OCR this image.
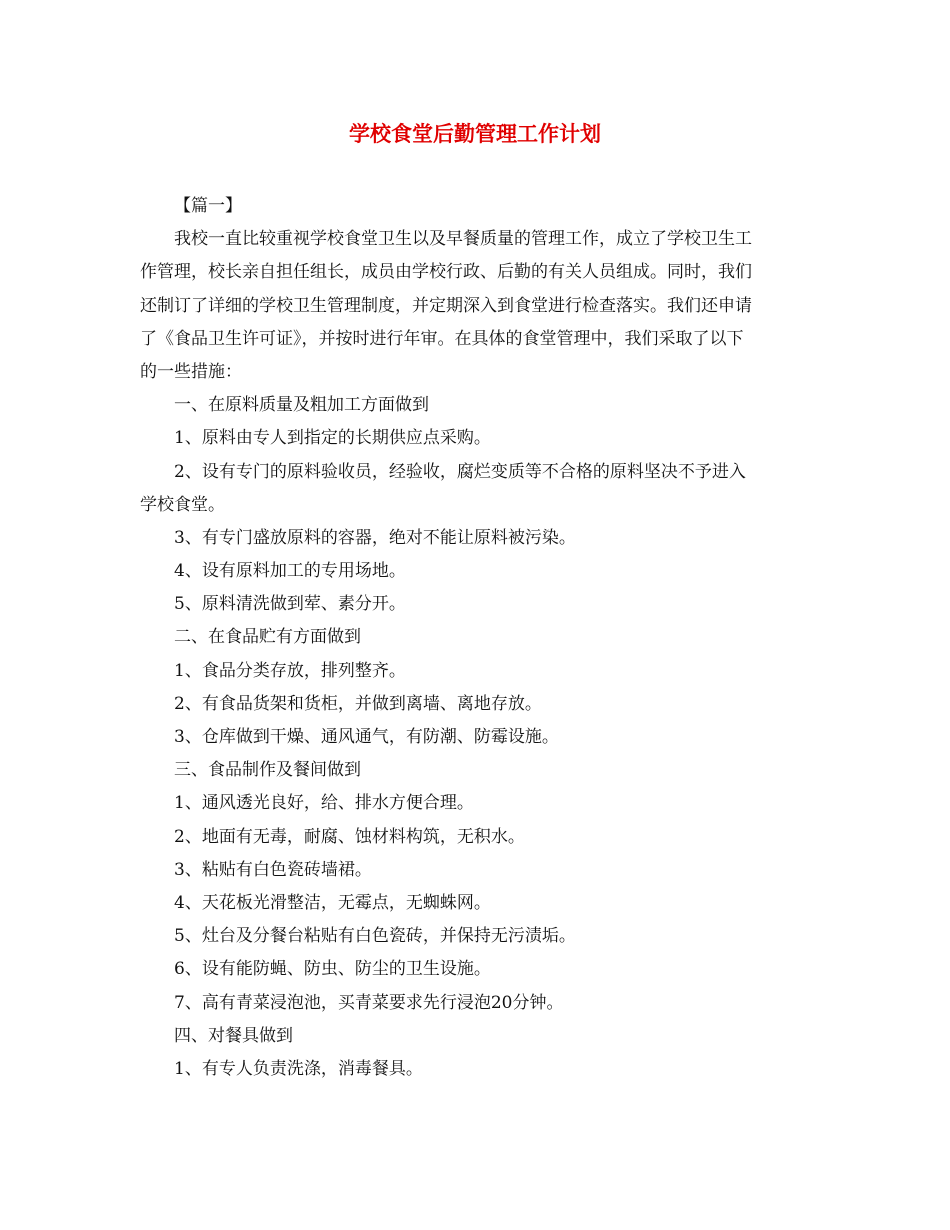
学校食堂后勤管理工作计划

【篇一】

我校一直比较重视学校食堂卫生以及早餐质量的管理工作，成立了学校卫生工

作管理，校长亲自担任组长，成员由学校行政、后勤的有关人员组成。同时，我们

还制订了详细的学校卫生管理制度，并定期深入到食堂进行检查落实。我们还申请

了《食品卫生许可证》，并按时进行年审。在具体的食堂管理中，我们采取了以下

的一些措施：

一、在原料质量及粗加工方面做到

1、原料由专人到指定的长期供应点采购。

2、设有专门的原料验收员，经验收，腐烂变质等不合格的原料坚决不予进入

学校食堂。

3、有专门盛放原料的容器，绝对不能让原料被污染。

4、设有原料加工的专用场地。

5、原料清洗做到荤、素分开。

二、在食品贮有方面做到

1、食品分类存放，排列整齐。

2、有食品货架和货柜，并做到离墙、离地存放。

3、仓库做到干燥、通风通气，有防潮、防霉设施。

三、食品制作及餐间做到

1、通风透光良好，给、排水方便合理。

2、地面有无毒，耐腐、蚀材料构筑，无积水。

3、粘贴有白色瓷砖墙裙。

4、天花板光滑整洁，无霉点，无蜘蛛网。

5、灶台及分餐台粘贴有白色瓷砖，并保持无污渍垢。

6、设有能防蝇、防虫、防尘的卫生设施。

7、高有青菜浸泡池，买青菜要求先行浸泡20分钟。

四、对餐具做到

1、有专人负责洗涤，消毒餐具。
